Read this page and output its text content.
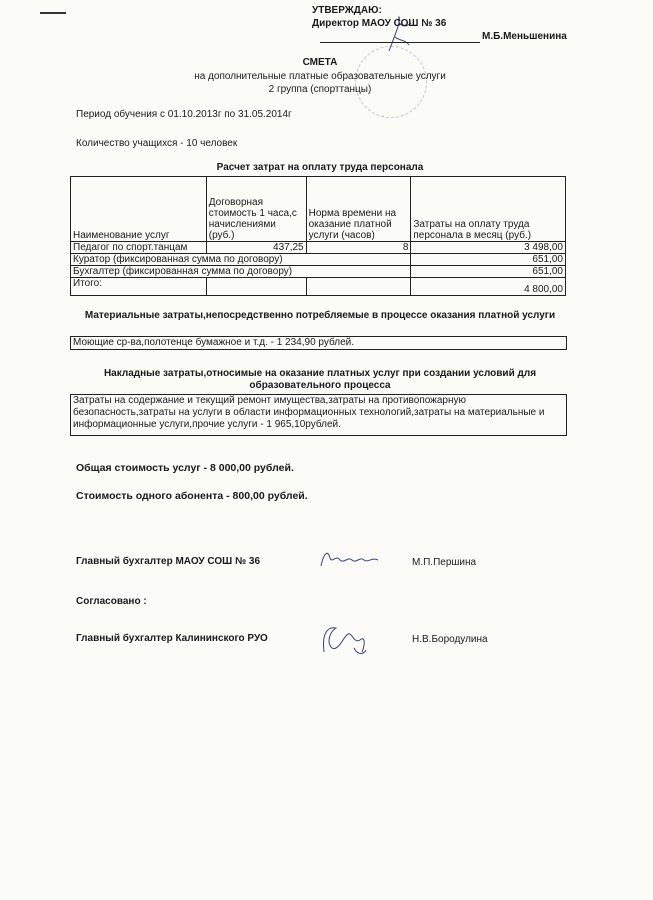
УТВЕРЖДАЮ:
Директор МАОУ СОШ № 36
М.Б.Меньшенина
СМЕТА
на дополнительные платные образовательные услуги
2 группа (спорттанцы)
Период обучения с 01.10.2013г по 31.05.2014г
Количество учащихся - 10 человек
Расчет затрат на оплату труда персонала
Наименование услуг	Договорная стоимость 1 часа,с начислениями (руб.)	Норма времени на оказание платной услуги (часов)	Затраты на оплату труда персонала в месяц (руб.)
Педагог по спорт.танцам	437,25	8	3 498,00
Куратор (фиксированная сумма по договору)			651,00
Бухгалтер (фиксированная сумма по договору)			651,00
Итого:			4 800,00
Материальные затраты,непосредственно потребляемые в процессе оказания платной услуги
Моющие ср-ва,полотенце бумажное и т.д. - 1 234,90 рублей.
Накладные затраты,относимые на оказание платных услуг при создании условий для образовательного процесса
Затраты на содержание и текущий ремонт имущества,затраты на противопожарную безопасность,затраты на услуги в области информационных технологий,затраты на материальные и информационные услуги,прочие услуги - 1 965,10рублей.
Общая стоимость услуг - 8 000,00 рублей.
Стоимость одного абонента - 800,00 рублей.
Главный бухгалтер МАОУ СОШ № 36	М.П.Першина
Согласовано :
Главный бухгалтер Калининского РУО	Н.В.Бородулина
